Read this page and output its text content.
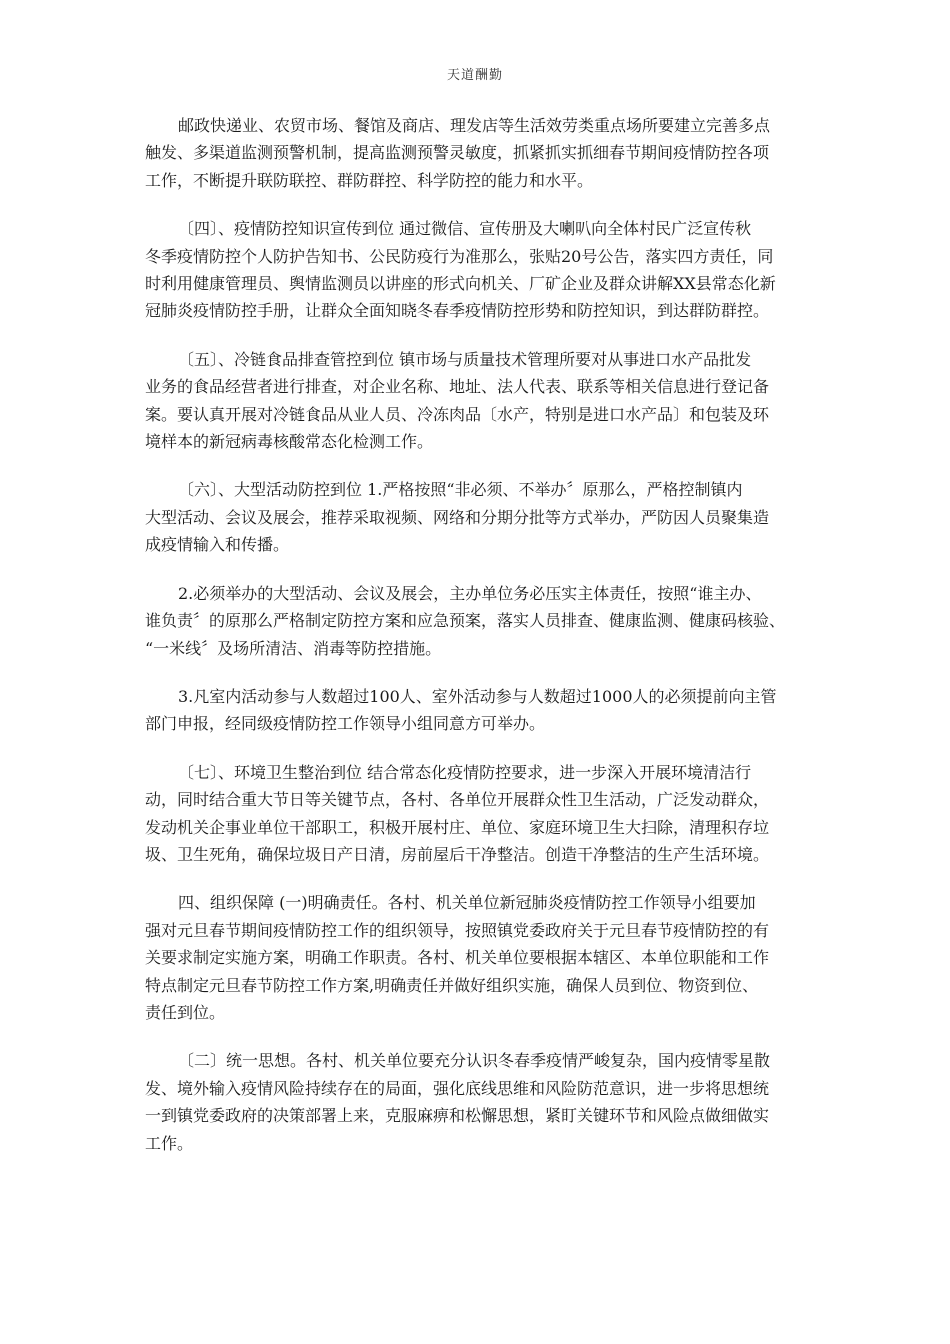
天道酬勤

邮政快递业、农贸市场、餐馆及商店、理发店等生活效劳类重点场所要建立完善多点
触发、多渠道监测预警机制，提高监测预警灵敏度，抓紧抓实抓细春节期间疫情防控各项
工作，不断提升联防联控、群防群控、科学防控的能力和水平。

〔四〕、疫情防控知识宣传到位 通过微信、宣传册及大喇叭向全体村民广泛宣传秋
冬季疫情防控个人防护告知书、公民防疫行为准那么，张贴20号公告，落实四方责任，同
时利用健康管理员、舆情监测员以讲座的形式向机关、厂矿企业及群众讲解XX县常态化新
冠肺炎疫情防控手册，让群众全面知晓冬春季疫情防控形势和防控知识，到达群防群控。

〔五〕、冷链食品排查管控到位 镇市场与质量技术管理所要对从事进口水产品批发
业务的食品经营者进行排查，对企业名称、地址、法人代表、联系等相关信息进行登记备
案。要认真开展对冷链食品从业人员、冷冻肉品〔水产，特别是进口水产品〕和包装及环
境样本的新冠病毒核酸常态化检测工作。

〔六〕、大型活动防控到位 1.严格按照“非必须、不举办〞原那么，严格控制镇内
大型活动、会议及展会，推荐采取视频、网络和分期分批等方式举办，严防因人员聚集造
成疫情输入和传播。

2.必须举办的大型活动、会议及展会，主办单位务必压实主体责任，按照“谁主办、
谁负责〞的原那么严格制定防控方案和应急预案，落实人员排查、健康监测、健康码核验、
“一米线〞及场所清洁、消毒等防控措施。

3.凡室内活动参与人数超过100人、室外活动参与人数超过1000人的必须提前向主管
部门申报，经同级疫情防控工作领导小组同意方可举办。

〔七〕、环境卫生整治到位 结合常态化疫情防控要求，进一步深入开展环境清洁行
动，同时结合重大节日等关键节点，各村、各单位开展群众性卫生活动，广泛发动群众，
发动机关企事业单位干部职工，积极开展村庄、单位、家庭环境卫生大扫除，清理积存垃
圾、卫生死角，确保垃圾日产日清，房前屋后干净整洁。创造干净整洁的生产生活环境。

四、组织保障 (一)明确责任。各村、机关单位新冠肺炎疫情防控工作领导小组要加
强对元旦春节期间疫情防控工作的组织领导，按照镇党委政府关于元旦春节疫情防控的有
关要求制定实施方案，明确工作职责。各村、机关单位要根据本辖区、本单位职能和工作
特点制定元旦春节防控工作方案,明确责任并做好组织实施，确保人员到位、物资到位、
责任到位。

〔二〕统一思想。各村、机关单位要充分认识冬春季疫情严峻复杂，国内疫情零星散
发、境外输入疫情风险持续存在的局面，强化底线思维和风险防范意识，进一步将思想统
一到镇党委政府的决策部署上来，克服麻痹和松懈思想，紧盯关键环节和风险点做细做实
工作。
